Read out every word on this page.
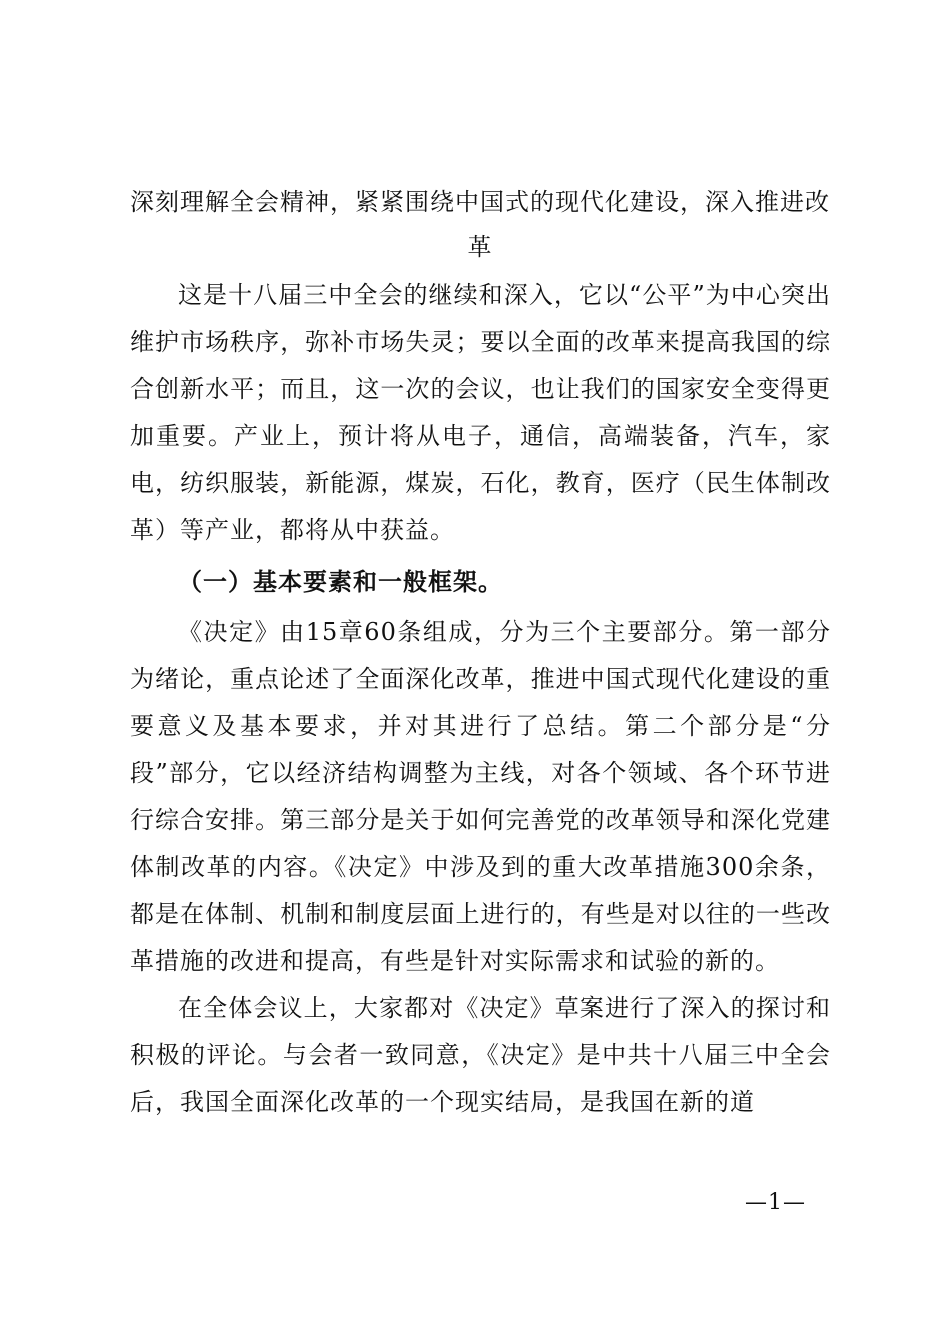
深刻理解全会精神，紧紧围绕中国式的现代化建设，深入推进改革

这是十八届三中全会的继续和深入，它以“公平”为中心突出维护市场秩序，弥补市场失灵；要以全面的改革来提高我国的综合创新水平；而且，这一次的会议，也让我们的国家安全变得更加重要。产业上，预计将从电子，通信，高端装备，汽车，家电，纺织服装，新能源，煤炭，石化，教育，医疗（民生体制改革）等产业，都将从中获益。

（一）基本要素和一般框架。

《决定》由15章60条组成，分为三个主要部分。第一部分为绪论，重点论述了全面深化改革，推进中国式现代化建设的重要意义及基本要求，并对其进行了总结。第二个部分是“分段”部分，它以经济结构调整为主线，对各个领域、各个环节进行综合安排。第三部分是关于如何完善党的改革领导和深化党建体制改革的内容。《决定》中涉及到的重大改革措施300余条，都是在体制、机制和制度层面上进行的，有些是对以往的一些改革措施的改进和提高，有些是针对实际需求和试验的新的。

在全体会议上，大家都对《决定》草案进行了深入的探讨和积极的评论。与会者一致同意，《决定》是中共十八届三中全会后，我国全面深化改革的一个现实结局，是我国在新的道

—1—
